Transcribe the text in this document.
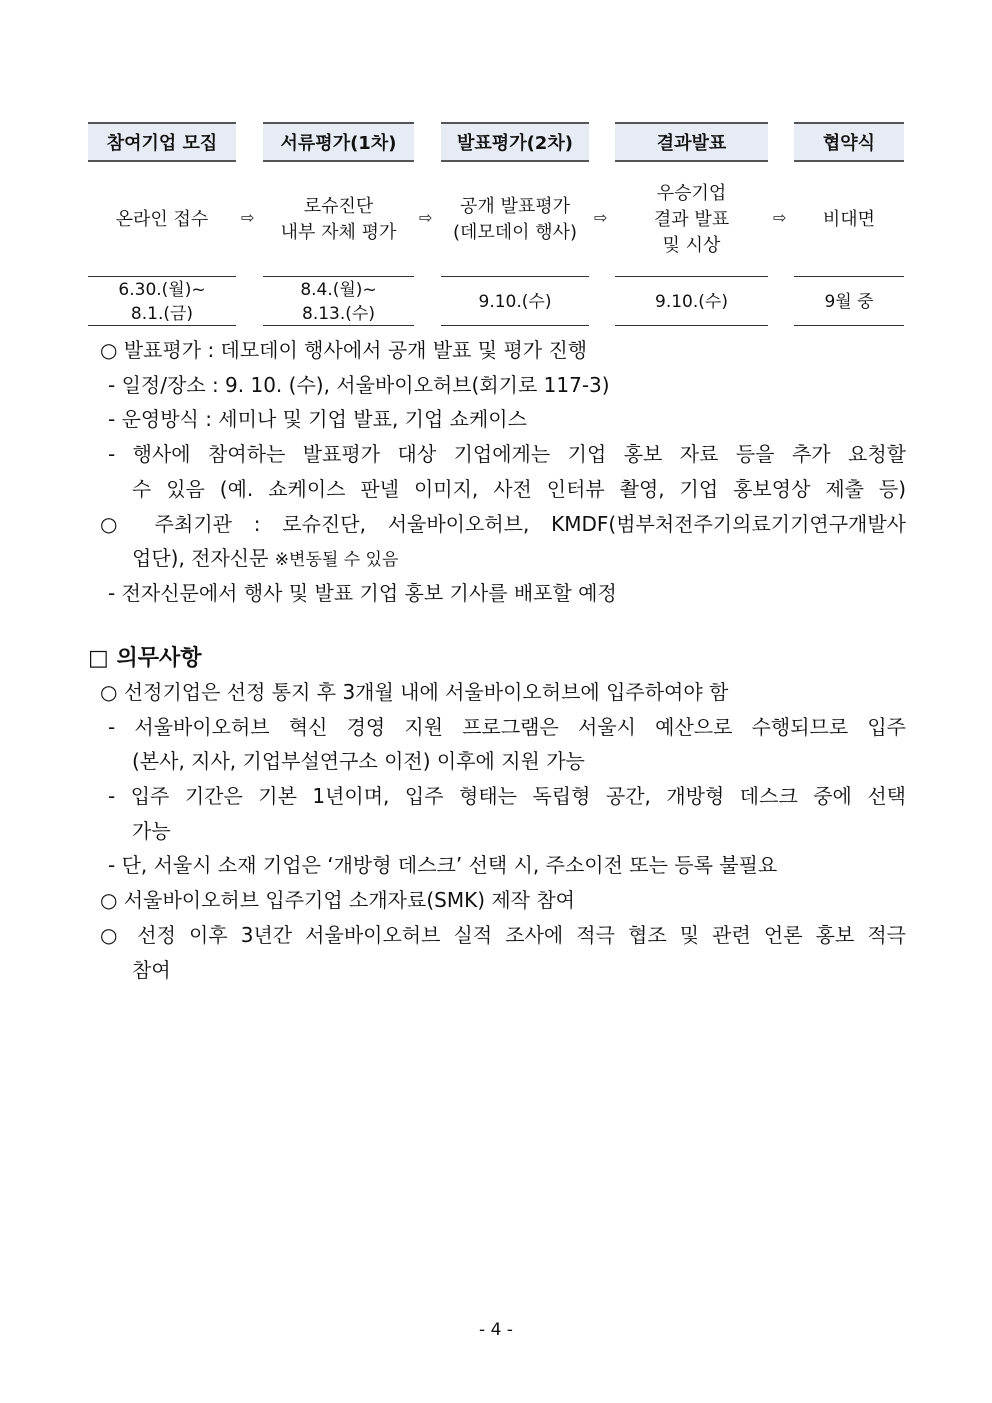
참여기업 모집
온라인 접수
6.30.(월)~
8.1.(금)
⇨
서류평가(1차)
로슈진단
내부 자체 평가
8.4.(월)~
8.13.(수)
⇨
발표평가(2차)
공개 발표평가
(데모데이 행사)
9.10.(수)
⇨
결과발표
우승기업
결과 발표
및 시상
9.10.(수)
⇨
협약식
비대면
9월 중
○ 발표평가 : 데모데이 행사에서 공개 발표 및 평가 진행
- 일정/장소 : 9. 10. (수), 서울바이오허브(회기로 117-3)
- 운영방식 : 세미나 및 기업 발표, 기업 쇼케이스
- 행사에 참여하는 발표평가 대상 기업에게는 기업 홍보 자료 등을 추가 요청할
수 있음 (예. 쇼케이스 판넬 이미지, 사전 인터뷰 촬영, 기업 홍보영상 제출 등)
○ 주최기관 : 로슈진단, 서울바이오허브, KMDF(범부처전주기의료기기연구개발사
업단), 전자신문 ※변동될 수 있음
- 전자신문에서 행사 및 발표 기업 홍보 기사를 배포할 예정
□ 의무사항
○ 선정기업은 선정 통지 후 3개월 내에 서울바이오허브에 입주하여야 함
- 서울바이오허브 혁신 경영 지원 프로그램은 서울시 예산으로 수행되므로 입주
(본사, 지사, 기업부설연구소 이전) 이후에 지원 가능
- 입주 기간은 기본 1년이며, 입주 형태는 독립형 공간, 개방형 데스크 중에 선택
가능
- 단, 서울시 소재 기업은 ‘개방형 데스크’ 선택 시, 주소이전 또는 등록 불필요
○ 서울바이오허브 입주기업 소개자료(SMK) 제작 참여
○ 선정 이후 3년간 서울바이오허브 실적 조사에 적극 협조 및 관련 언론 홍보 적극
참여
- 4 -
